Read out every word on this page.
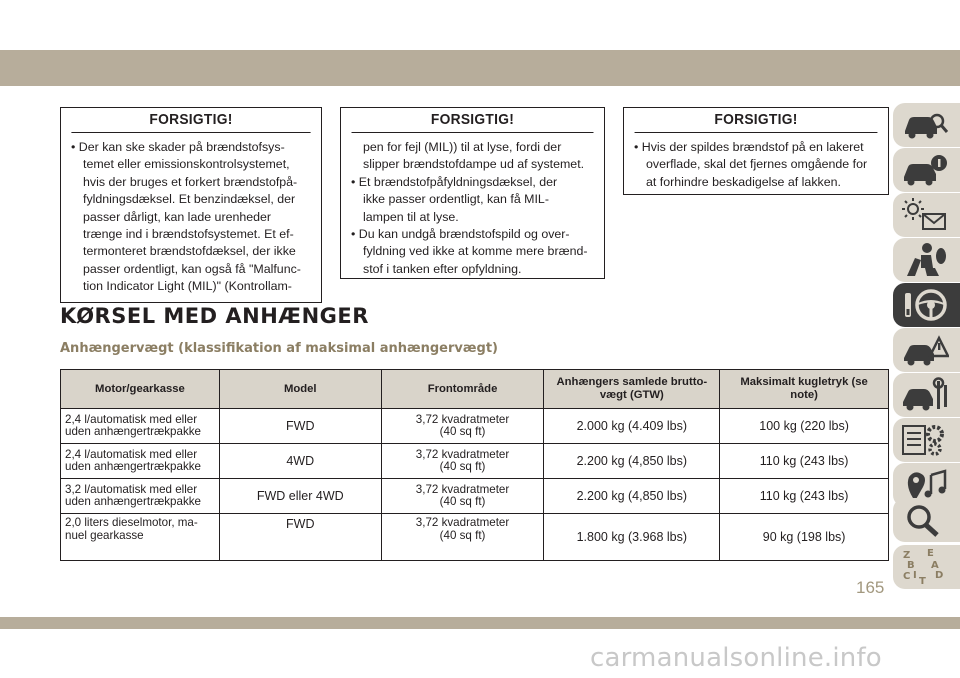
FORSIGTIG!
• Der kan ske skader på brændstofsys-

temet eller emissionskontrolsystemet,

hvis der bruges et forkert brændstofpå-

fyldningsdæksel. Et benzindæksel, der

passer dårligt, kan lade urenheder

trænge ind i brændstofsystemet. Et ef-

termonteret brændstofdæksel, der ikke

passer ordentligt, kan også få "Malfunc-

tion Indicator Light (MIL)" (Kontrollam-

FORSIGTIG!

pen for fejl (MIL)) til at lyse, fordi der

slipper brændstofdampe ud af systemet.

• Et brændstofpåfyldningsdæksel, der

ikke passer ordentligt, kan få MIL-

lampen til at lyse.

• Du kan undgå brændstofspild og over-

fyldning ved ikke at komme mere brænd-

stof i tanken efter opfyldning.

FORSIGTIG!
• Hvis der spildes brændstof på en lakeret

overflade, skal det fjernes omgående for

at forhindre beskadigelse af lakken.

KØRSEL MED ANHÆNGER
Anhængervægt (klassifikation af maksimal anhængervægt)
Motor/gearkasse	Model	Frontområde	Anhængers samlede brutto-
vægt (GTW)	Maksimalt kugletryk (se
note)
2,4 l/automatisk med eller
uden anhængertrækpakke	FWD	3,72 kvadratmeter
(40 sq ft)	2.000 kg (4.409 lbs)	100 kg (220 lbs)
2,4 l/automatisk med eller
uden anhængertrækpakke	4WD	3,72 kvadratmeter
(40 sq ft)	2.200 kg (4,850 lbs)	110 kg (243 lbs)
3,2 l/automatisk med eller
uden anhængertrækpakke	FWD eller 4WD	3,72 kvadratmeter
(40 sq ft)	2.200 kg (4,850 lbs)	110 kg (243 lbs)
2,0 liters dieselmotor, ma-
nuel gearkasse	FWD	3,72 kvadratmeter
(40 sq ft)	1.800 kg (3.968 lbs)	90 kg (198 lbs)
Z E
B A
C D
I
T
165
carmanualsonline.info
